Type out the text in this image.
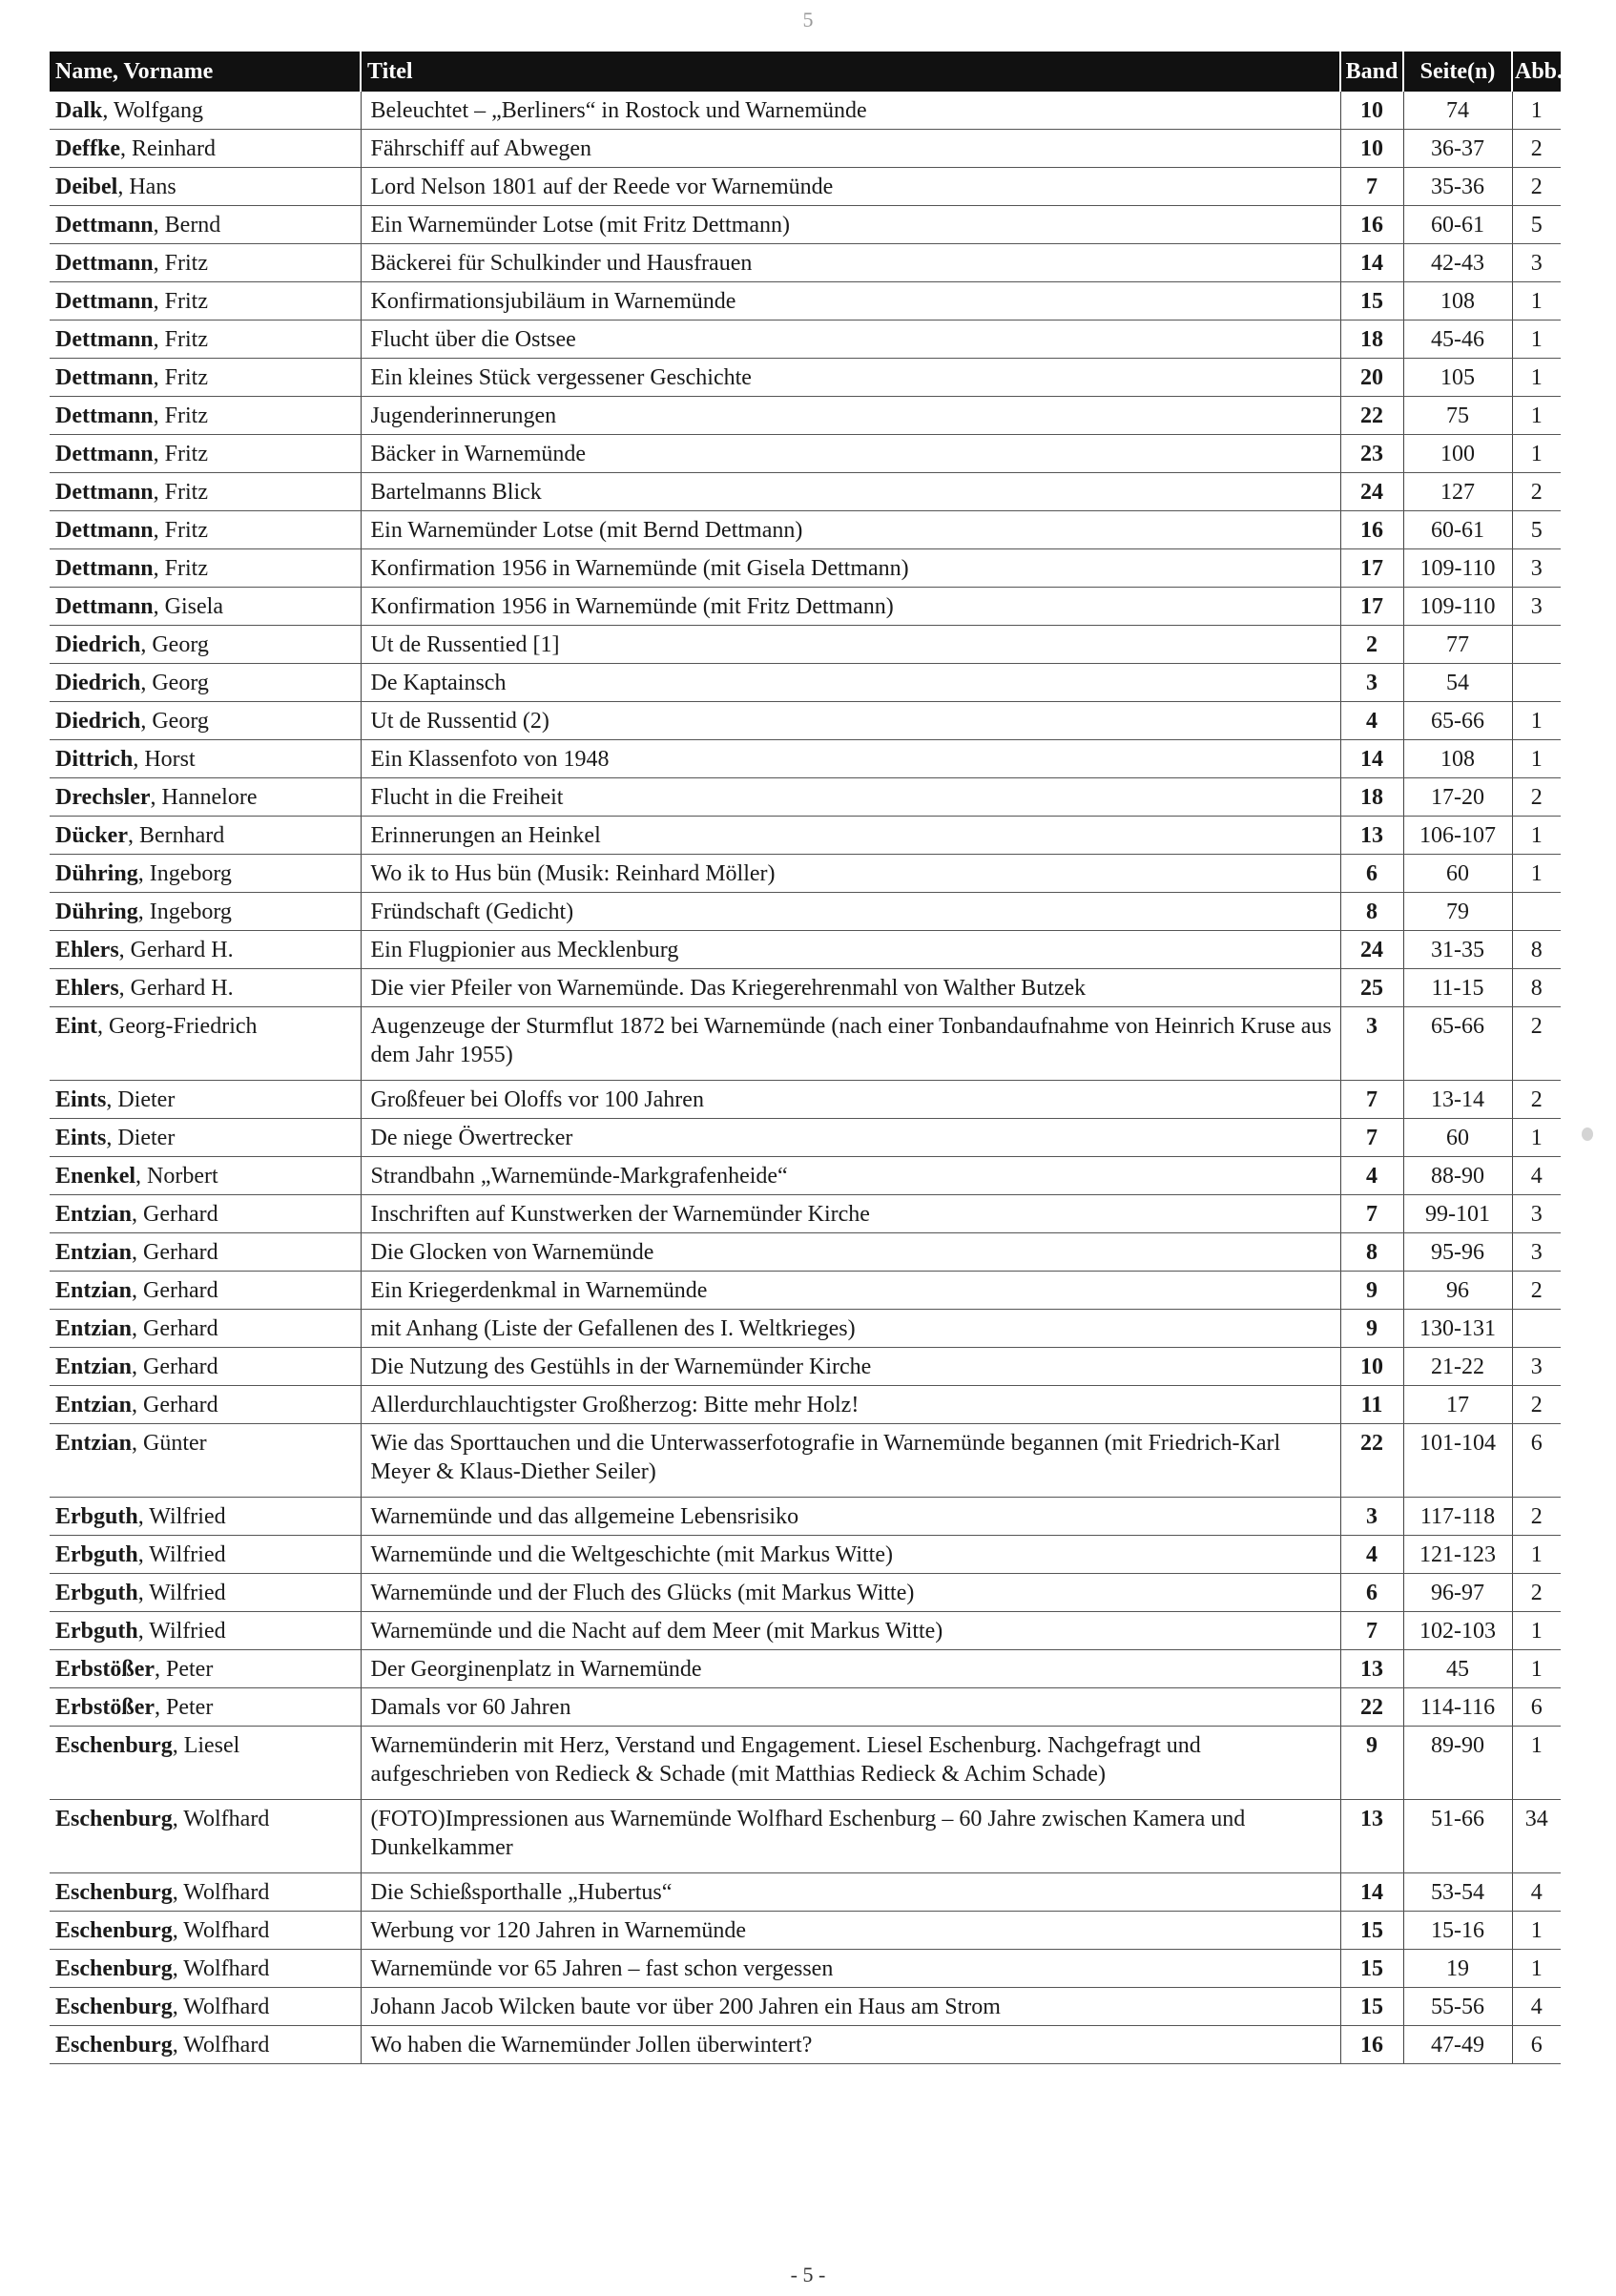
5
Name, Vorname	Titel	Band	Seite(n)	Abb.
Dalk, Wolfgang	Beleuchtet – „Berliners“ in Rostock und Warnemünde	10	74	1
Deffke, Reinhard	Fährschiff auf Abwegen	10	36-37	2
Deibel, Hans	Lord Nelson 1801 auf der Reede vor Warnemünde	7	35-36	2
Dettmann, Bernd	Ein Warnemünder Lotse (mit Fritz Dettmann)	16	60-61	5
Dettmann, Fritz	Bäckerei für Schulkinder und Hausfrauen	14	42-43	3
Dettmann, Fritz	Konfirmationsjubiläum in Warnemünde	15	108	1
Dettmann, Fritz	Flucht über die Ostsee	18	45-46	1
Dettmann, Fritz	Ein kleines Stück vergessener Geschichte	20	105	1
Dettmann, Fritz	Jugenderinnerungen	22	75	1
Dettmann, Fritz	Bäcker in Warnemünde	23	100	1
Dettmann, Fritz	Bartelmanns Blick	24	127	2
Dettmann, Fritz	Ein Warnemünder Lotse (mit Bernd Dettmann)	16	60-61	5
Dettmann, Fritz	Konfirmation 1956 in Warnemünde (mit Gisela Dettmann)	17	109-110	3
Dettmann, Gisela	Konfirmation 1956 in Warnemünde (mit Fritz Dettmann)	17	109-110	3
Diedrich, Georg	Ut de Russentied [1]	2	77	
Diedrich, Georg	De Kaptainsch	3	54	
Diedrich, Georg	Ut de Russentid (2)	4	65-66	1
Dittrich, Horst	Ein Klassenfoto von 1948	14	108	1
Drechsler, Hannelore	Flucht in die Freiheit	18	17-20	2
Dücker, Bernhard	Erinnerungen an Heinkel	13	106-107	1
Dühring, Ingeborg	Wo ik to Hus bün (Musik: Reinhard Möller)	6	60	1
Dühring, Ingeborg	Fründschaft (Gedicht)	8	79	
Ehlers, Gerhard H.	Ein Flugpionier aus Mecklenburg	24	31-35	8
Ehlers, Gerhard H.	Die vier Pfeiler von Warnemünde. Das Kriegerehrenmahl von Walther Butzek	25	11-15	8
Eint, Georg-Friedrich	Augenzeuge der Sturmflut 1872 bei Warnemünde (nach einer Tonbandaufnahme von Heinrich Kruse aus dem Jahr 1955)	3	65-66	2
Eints, Dieter	Großfeuer bei Oloffs vor 100 Jahren	7	13-14	2
Eints, Dieter	De niege Öwertrecker	7	60	1
Enenkel, Norbert	Strandbahn „Warnemünde-Markgrafenheide“	4	88-90	4
Entzian, Gerhard	Inschriften auf Kunstwerken der Warnemünder Kirche	7	99-101	3
Entzian, Gerhard	Die Glocken von Warnemünde	8	95-96	3
Entzian, Gerhard	Ein Kriegerdenkmal in Warnemünde	9	96	2
Entzian, Gerhard	mit Anhang (Liste der Gefallenen des I. Weltkrieges)	9	130-131	
Entzian, Gerhard	Die Nutzung des Gestühls in der Warnemünder Kirche	10	21-22	3
Entzian, Gerhard	Allerdurchlauchtigster Großherzog: Bitte mehr Holz!	11	17	2
Entzian, Günter	Wie das Sporttauchen und die Unterwasserfotografie in Warnemünde begannen (mit Friedrich-Karl Meyer & Klaus-Diether Seiler)	22	101-104	6
Erbguth, Wilfried	Warnemünde und das allgemeine Lebensrisiko	3	117-118	2
Erbguth, Wilfried	Warnemünde und die Weltgeschichte (mit Markus Witte)	4	121-123	1
Erbguth, Wilfried	Warnemünde und der Fluch des Glücks (mit Markus Witte)	6	96-97	2
Erbguth, Wilfried	Warnemünde und die Nacht auf dem Meer (mit Markus Witte)	7	102-103	1
Erbstößer, Peter	Der Georginenplatz in Warnemünde	13	45	1
Erbstößer, Peter	Damals vor 60 Jahren	22	114-116	6
Eschenburg, Liesel	Warnemünderin mit Herz, Verstand und Engagement. Liesel Eschenburg. Nachgefragt und aufgeschrieben von Redieck & Schade (mit Matthias Redieck & Achim Schade)	9	89-90	1
Eschenburg, Wolfhard	(FOTO)Impressionen aus Warnemünde Wolfhard Eschenburg – 60 Jahre zwischen Kamera und Dunkelkammer	13	51-66	34
Eschenburg, Wolfhard	Die Schießsporthalle „Hubertus“	14	53-54	4
Eschenburg, Wolfhard	Werbung vor 120 Jahren in Warnemünde	15	15-16	1
Eschenburg, Wolfhard	Warnemünde vor 65 Jahren – fast schon vergessen	15	19	1
Eschenburg, Wolfhard	Johann Jacob Wilcken baute vor über 200 Jahren ein Haus am Strom	15	55-56	4
Eschenburg, Wolfhard	Wo haben die Warnemünder Jollen überwintert?	16	47-49	6
- 5 -
